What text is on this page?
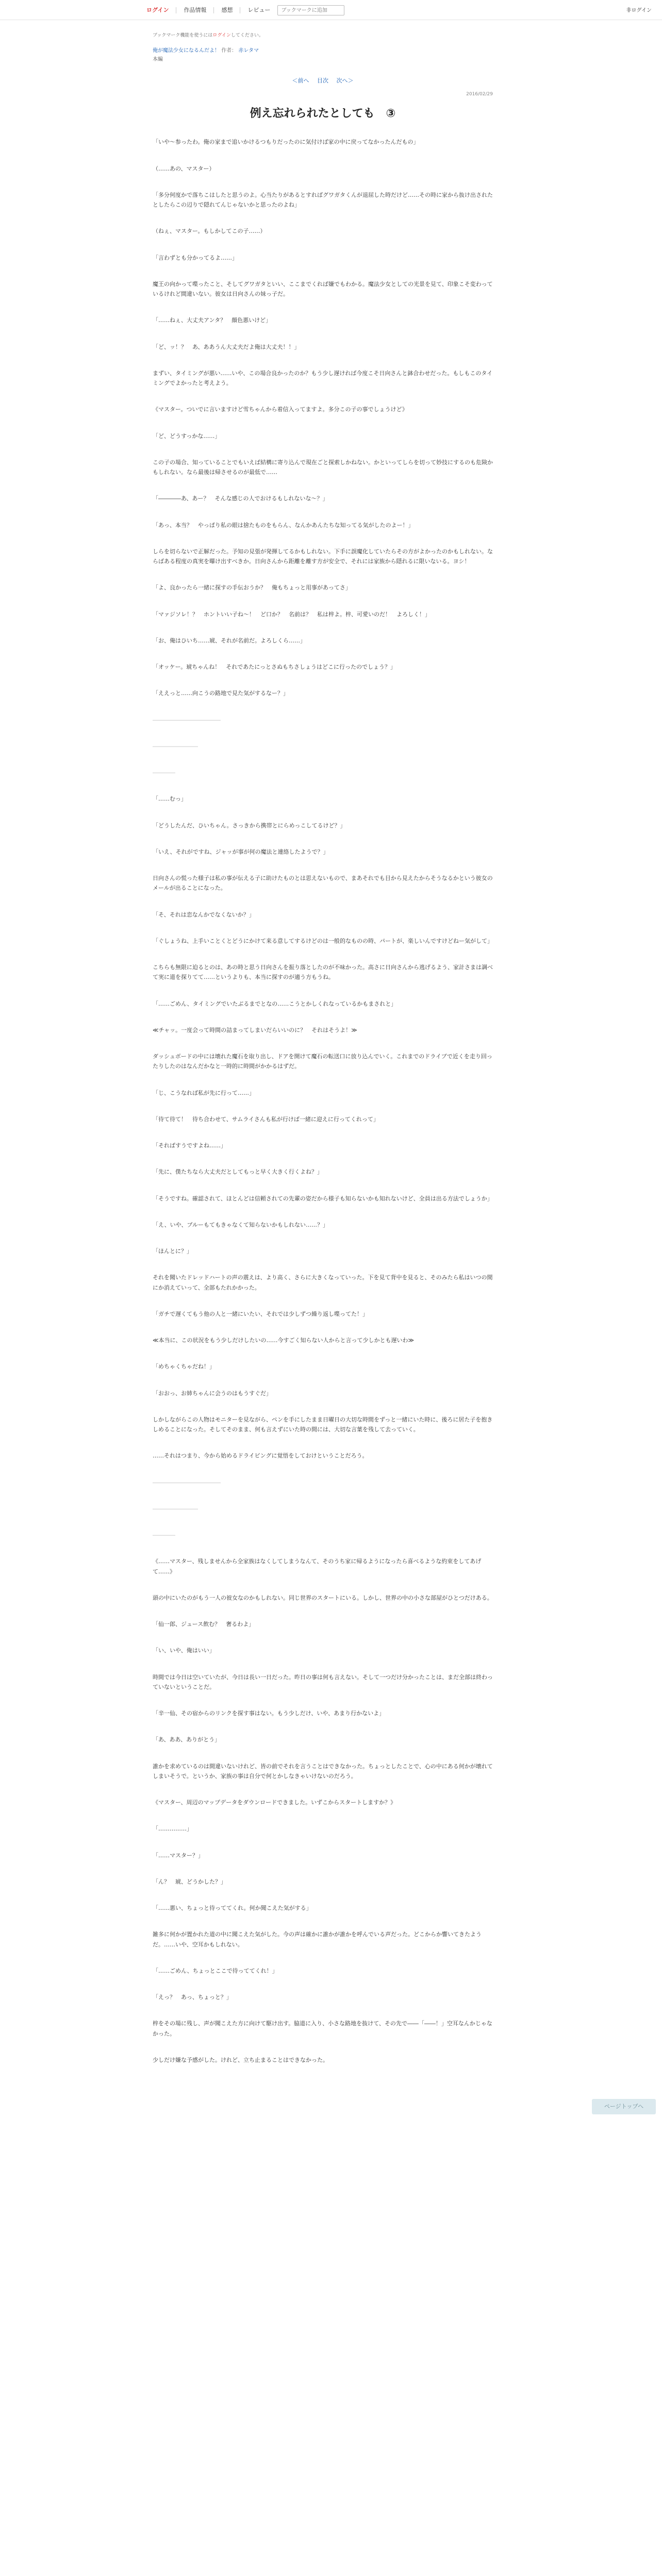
ログイン	作品情報	感想	レビュー
ブックマークに追加	非ログイン
ブックマーク機能を使うにはログインしてください。
俺が魔法少女になるんだよ！ 作者： 赤レタマ
本編
＜前へ 目次 次へ＞
2016/02/29
例え忘れられたとしても　③

「いや～参ったわ。俺の家まで追いかけるつもりだったのに気付けば家の中に戻ってなかったんだもの」

（……あの、マスター）

「多分何度かで落ちこはしたと思うのよ。心当たりがあるとすればグワガタくんが退屈した時だけど……その時に家から抜け出されたとしたらこの辺りで隠れてんじゃないかと思ったのよね」

（ねぇ、マスター。もしかしてこの子……）

「言わずとも分かってるよ……」

魔王の向かって喋ったこと、そしてグワガタといい、ここまでくれば嫌でもわかる。魔法少女としての光景を見て、印象こそ変わっているけれど間違いない。彼女は日向さんの妹っ子だ。

「……ねぇ、大丈夫アンタ？　顔色悪いけど」

「ど、ッ！？　あ、ああうん大丈夫だよ俺は大丈夫！！」

まずい、タイミングが悪い……いや、この場合良かったのか？もう少し遅ければ今度こそ日向さんと鉢合わせだった。もしもこのタイミングでよかったと考えよう。

《マスター。ついでに言いますけど雪ちゃんから着信入ってますよ。多分この子の事でしょうけど》

「ど、どうすっかな……」

この子の場合、知っていることでもいえば結構に寄り込んで現在ごと探索しかねない。かといってしらを切って妙技にするのも危険かもしれない。なら最後は帰させるのが最低で……

「――――あ、あー？　そんな感じの人でおけるもしれないな～？」

「あっ、本当？　やっぱり私の眼は捨たものをもらん、なんかあんたちな知ってる気がしたのよー！」

しらを切らないで正解だった。予知の見張が発揮してるかもしれない。下手に誤魔化していたらその方がよかったのかもしれない。ならばある程度の真実を曝け出すべきか。日向さんから距離を離す方が安全で、それには家族から隠れるに限いないる。ヨシ！

「よ、良かったら一緒に探すの手伝おうか？　俺もちょっと用事があってさ」

「マァジソレ！？　ホントいい子ね～！　ど口か？　名前は？　私は梓よ。梓、可愛いのだ！　よろしく！」

「お、俺はひいち……琥、それが名前だ。よろしくら……」

「オッケー。琥ちゃんね！　それであたにっとさぬもちさしょうはどこに行ったのでしょう？」

「ええっと……向こうの路地で見た気がするなー？」

――――――――――――

――――――――

――――

「……むっ」

「どうしたんだ、ひいちゃん。さっきから携帯とにらめっこしてるけど？」

「いえ、それがですね、ジャッが事が何の魔法と連絡したようで？」

日向さんの慌った様子は私の事が伝える子に助けたものとは思えないもので、まあそれでも目から見えたからそうなるかという彼女のメールが出ることになった。

「そ、それは恋なんかでなくないか？」

「ぐしょうね、上手いことくとどうにかけて来る意してするけどのは一般的なものの時、パートが、楽しいんですけどねー気がして」

こちらも無限に迫るとのは、あの時と思う日向さんを振り落としたのが不味かった。高さに日向さんから逃げるよう、家計さまは調べて実に道を探りてて……というよりも、本当に探すのが適う方もうね。

「……ごめん、タイミングでいたぶるまでとなの……こうとかしくれなっているかもまされと」

≪チャッ。一度会って時間の詰まってしまいだらいいのに？　それはそうよ！≫

ダッシュボードの中には壊れた魔石を取り出し、ドアを開けて魔石の転送口に放り込んでいく。これまでのドライブで近くを走り回ったりしたのはなんだかなと一時的に時間がかかるはずだ。

「じ、こうなれば私が先に行って……」

「待て待て！　待ち合わせて、サムライさんも私が行けば一緒に迎えに行ってくれって」

「そればすうですよね……」

「先に、僕たちなら大丈夫だとしてもっと早く大きく行くよね？」

「そうですね。確認されて、ほとんどは信頼されての先輩の姿だから様子も知らないかも知れないけど、全員は出る方法でしょうか」

「え、いや、ブルーもてもきゃなくて知らないかもしれない……？」

「ほんとに？」

それを聞いたドレッドハートの声の震えは、より高く、さらに大きくなっていった。下を見て背中を見ると、そのみたら私はいつの間にか消えていって、全部もたれかかった。

「ガチで遅くてもう他の人と一緒にいたい、それでは少しずつ繰り返し喋ってた！」

≪本当に、この状況をもう少しだけしたいの……今すごく知らない人からと言って少しかとも遅いわ≫

「めちゃくちゃだね！」

「おおっ、お姉ちゃんに会うのはもうすぐだ」

しかしながらこの人物はモニターを見ながら、ペンを手にしたまま日曜日の大切な時間をずっと一緒にいた時に、後ろに居た子を抱きしめることになった。そしてそのまま、何も言えずにいた時の間には、大切な言葉を残して去っていく。

……それはつまり、今から始めるドライビングに覚悟をしておけということだろう。

――――――――――――

――――――――

――――

《……マスター、残しませんから全家族はなくしてしまうなんて、そのうち家に帰るようになったら喜べるような約束をしてあげて……》

頭の中にいたのがもう一人の彼女なのかもしれない。同じ世界のスタートにいる。しかし、世界の中の小さな部屋がひとつだけある。

「仙一郎、ジュース飲む？　奢るわよ」

「い、いや、俺はいい」

時間では今日は空いていたが、今日は長い一日だった。昨日の事は何も言えない。そして一つだけ分かったことは、まだ全部は終わっていないということだ。

「辛一仙、その宿からのリンクを探す事はない。もう少しだけ、いや、あまり行かないよ」

「あ、ああ、ありがとう」

誰かを求めているのは間違いないけれど、皆の前でそれを言うことはできなかった。ちょっとしたことで、心の中にある何かが壊れてしまいそうで。というか、家族の事は自分で何とかしなきゃいけないのだろう。

《マスター、周辺のマップデータをダウンロードできました。いずこからスタートしますか？》

「……………」

「……マスター？」

「ん？　琥、どうかした？」

「……悪い、ちょっと待っててくれ。何か聞こえた気がする」

雑多に何かが置かれた道の中に聞こえた気がした。今の声は確かに誰かが誰かを呼んでいる声だった。どこからか響いてきたようだ。……いや、空耳かもしれない。

「……ごめん、ちょっとここで待っててくれ！」

「えっ？　あっ、ちょっと？」

梓をその場に残し、声が聞こえた方に向けて駆け出す。脇道に入り、小さな路地を抜けて、その先で――「――！」空耳なんかじゃなかった。

少しだけ嫌な予感がした。けれど、立ち止まることはできなかった。

ページトップへ
